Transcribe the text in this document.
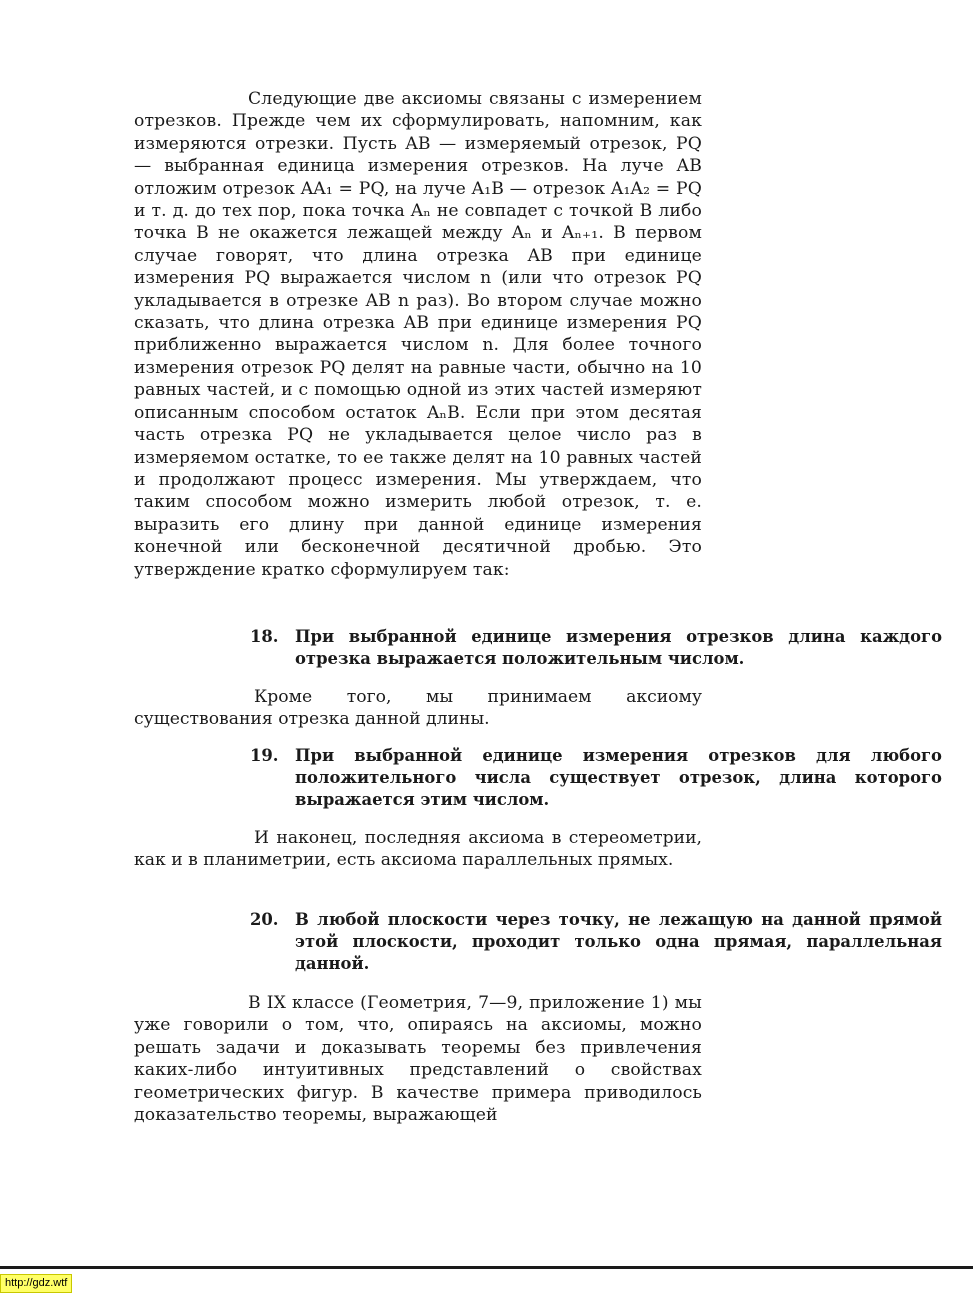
Следующие две аксиомы связаны с измерением отрезков. Прежде чем их сформулировать, напомним, как измеряются отрезки. Пусть AB — измеряемый отрезок, PQ — выбранная единица измерения отрезков. На луче AB отложим отрезок AA₁ = PQ, на луче A₁B — отрезок A₁A₂ = PQ и т. д. до тех пор, пока точка Aₙ не совпадет с точкой B либо точка B не окажется лежащей между Aₙ и Aₙ₊₁. В первом случае говорят, что длина отрезка AB при единице измерения PQ выражается числом n (или что отрезок PQ укладывается в отрезке AB n раз). Во втором случае можно сказать, что длина отрезка AB при единице измерения PQ приближенно выражается числом n. Для более точного измерения отрезок PQ делят на равные части, обычно на 10 равных частей, и с помощью одной из этих частей измеряют описанным способом остаток AₙB. Если при этом десятая часть отрезка PQ не укладывается целое число раз в измеряемом остатке, то ее также делят на 10 равных частей и продолжают процесс измерения. Мы утверждаем, что таким способом можно измерить любой отрезок, т. е. выразить его длину при данной единице измерения конечной или бесконечной десятичной дробью. Это утверждение кратко сформулируем так:
18. При выбранной единице измерения отрезков длина каждого отрезка выражается положительным числом.
Кроме того, мы принимаем аксиому существования отрезка данной длины.
19. При выбранной единице измерения отрезков для любого положительного числа существует отрезок, длина которого выражается этим числом.
И наконец, последняя аксиома в стереометрии, как и в планиметрии, есть аксиома параллельных прямых.
20. В любой плоскости через точку, не лежащую на данной прямой этой плоскости, проходит только одна прямая, параллельная данной.
В IX классе (Геометрия, 7—9, приложение 1) мы уже говорили о том, что, опираясь на аксиомы, можно решать задачи и доказывать теоремы без привлечения каких-либо интуитивных представлений о свойствах геометрических фигур. В качестве примера приводилось доказательство теоремы, выражающей
http://gdz.wtf
